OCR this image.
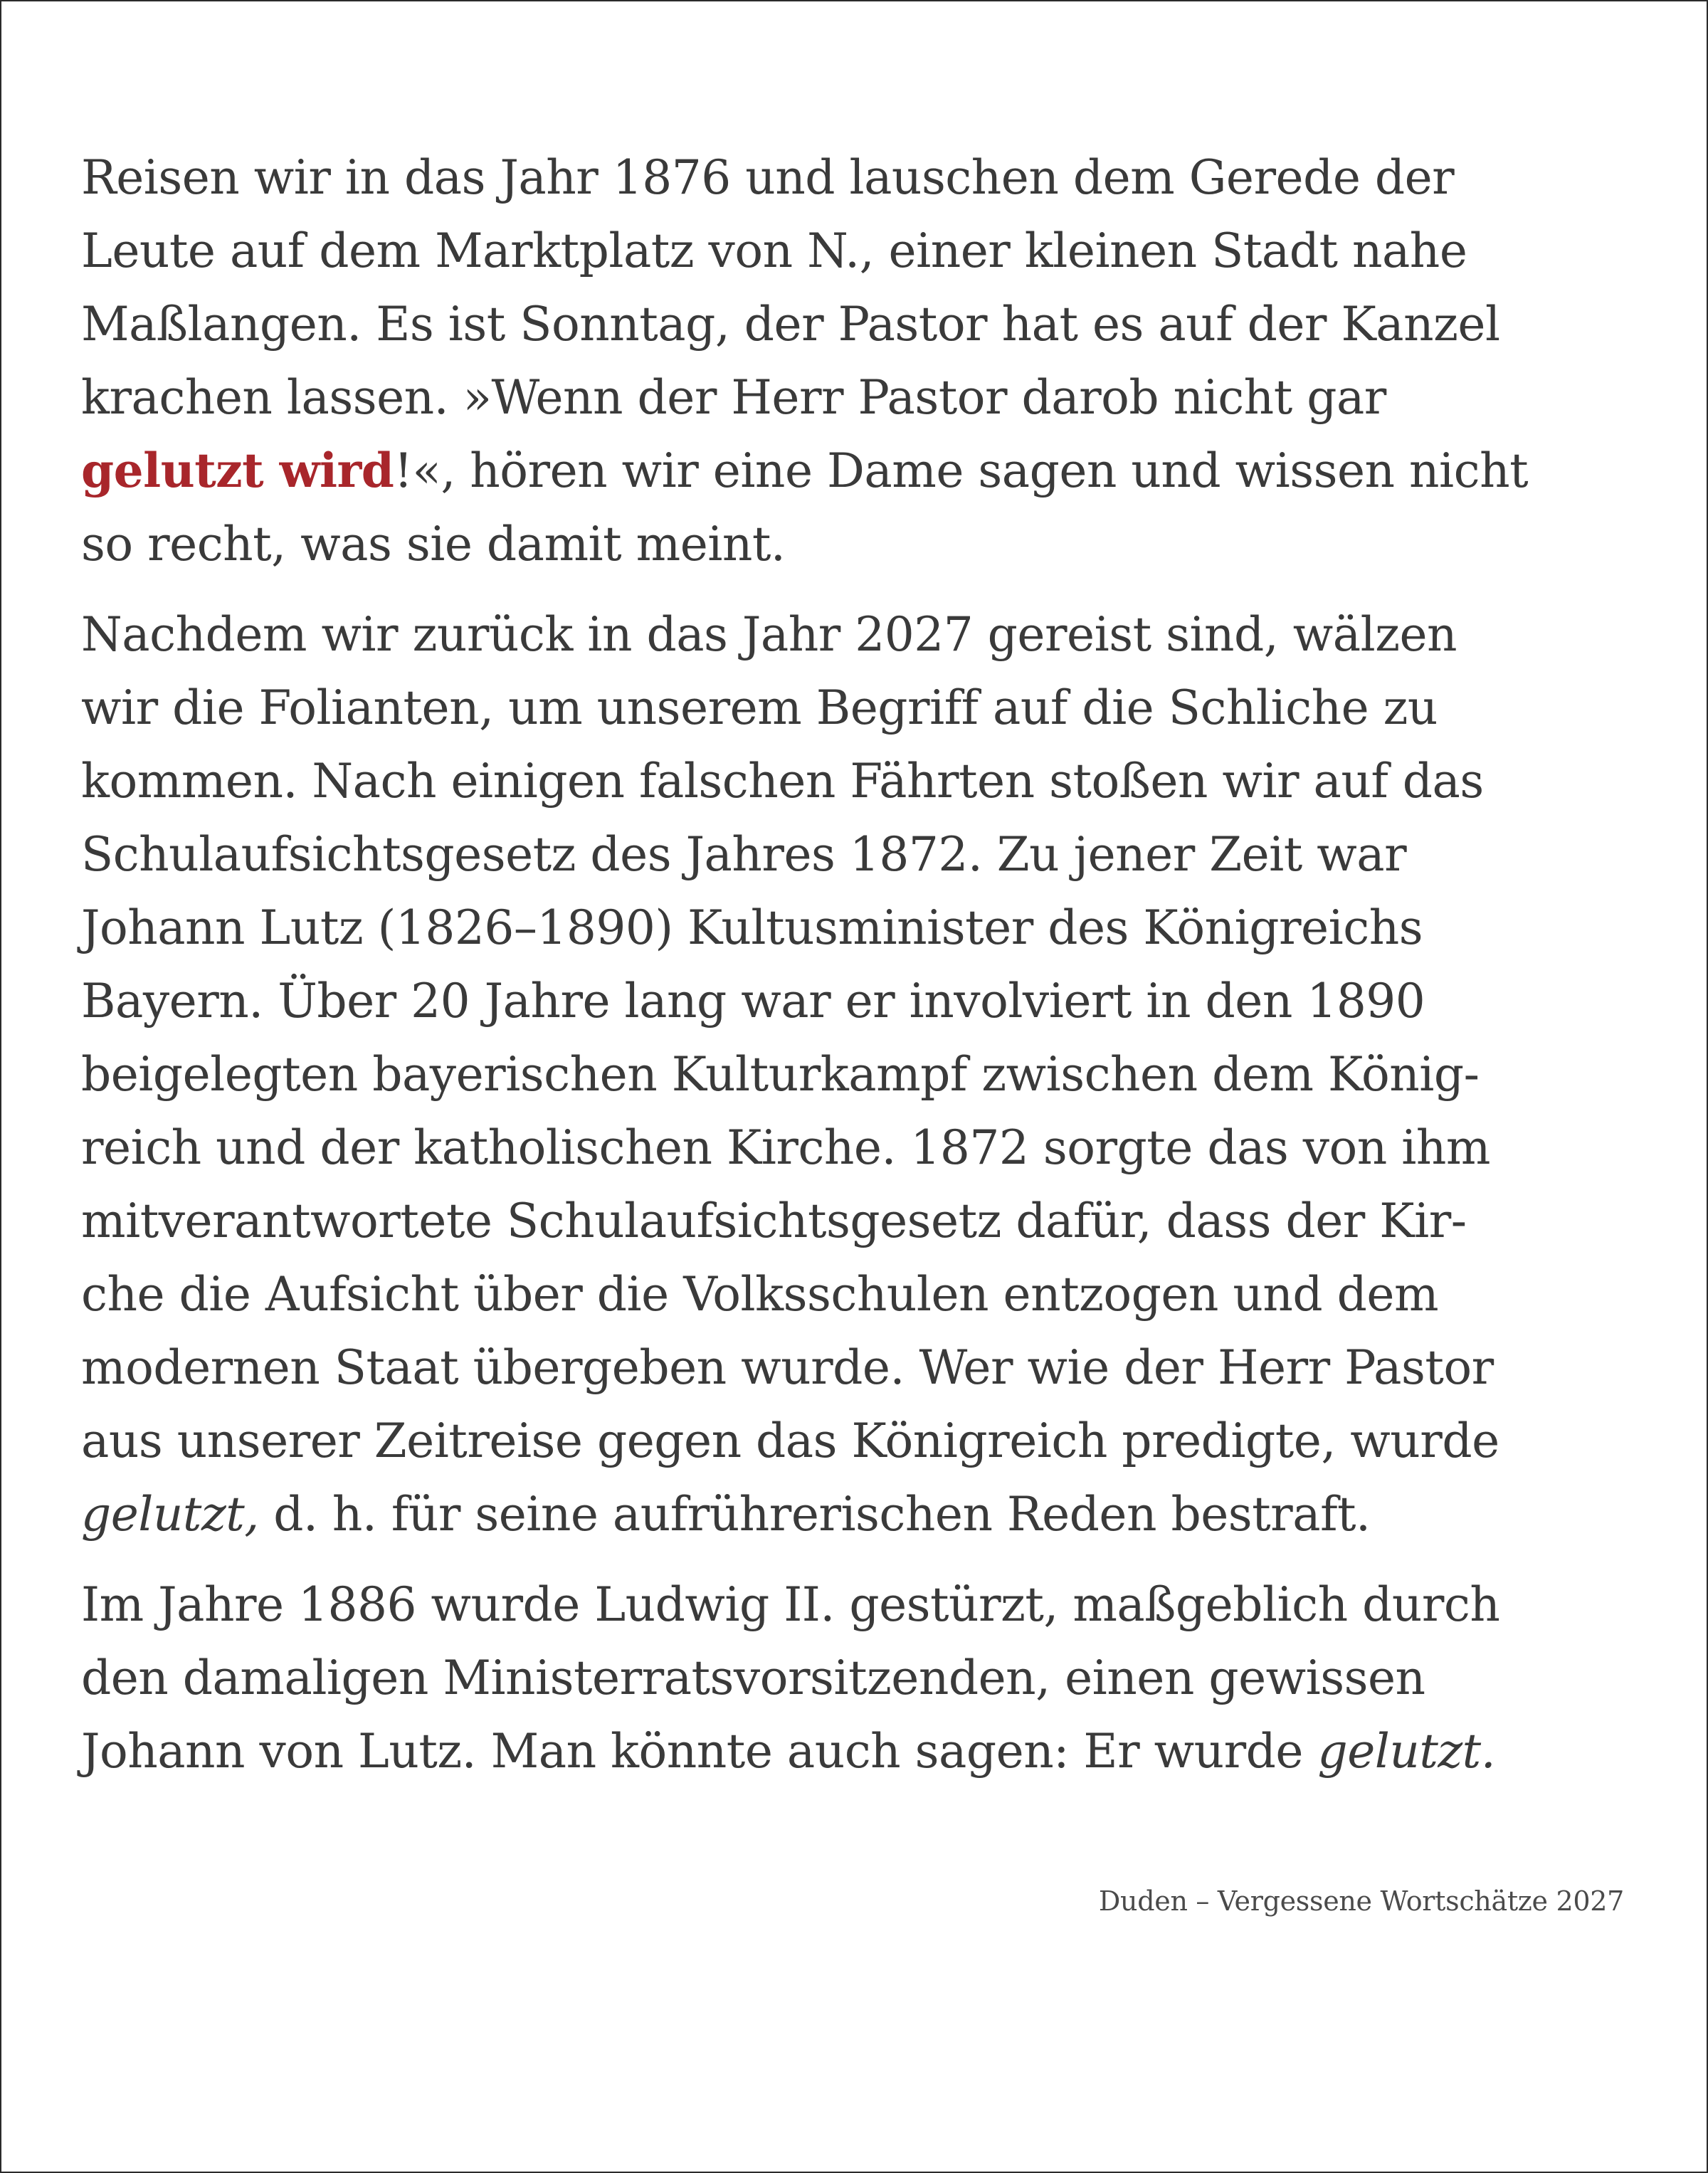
Reisen wir in das Jahr 1876 und lauschen dem Gerede der
Leute auf dem Marktplatz von N., einer kleinen Stadt nahe
Maßlangen. Es ist Sonntag, der Pastor hat es auf der Kanzel
krachen lassen. »Wenn der Herr Pastor darob nicht gar
gelutzt wird!«, hören wir eine Dame sagen und wissen nicht
so recht, was sie damit meint.

Nachdem wir zurück in das Jahr 2027 gereist sind, wälzen
wir die Folianten, um unserem Begriff auf die Schliche zu
kommen. Nach einigen falschen Fährten stoßen wir auf das
Schulaufsichtsgesetz des Jahres 1872. Zu jener Zeit war
Johann Lutz (1826–1890) Kultusminister des Königreichs
Bayern. Über 20 Jahre lang war er involviert in den 1890
beigelegten bayerischen Kulturkampf zwischen dem König-
reich und der katholischen Kirche. 1872 sorgte das von ihm
mitverantwortete Schulaufsichtsgesetz dafür, dass der Kir-
che die Aufsicht über die Volksschulen entzogen und dem
modernen Staat übergeben wurde. Wer wie der Herr Pastor
aus unserer Zeitreise gegen das Königreich predigte, wurde
gelutzt, d. h. für seine aufrührerischen Reden bestraft.

Im Jahre 1886 wurde Ludwig II. gestürzt, maßgeblich durch
den damaligen Ministerratsvorsitzenden, einen gewissen
Johann von Lutz. Man könnte auch sagen: Er wurde gelutzt.

Duden – Vergessene Wortschätze 2027
